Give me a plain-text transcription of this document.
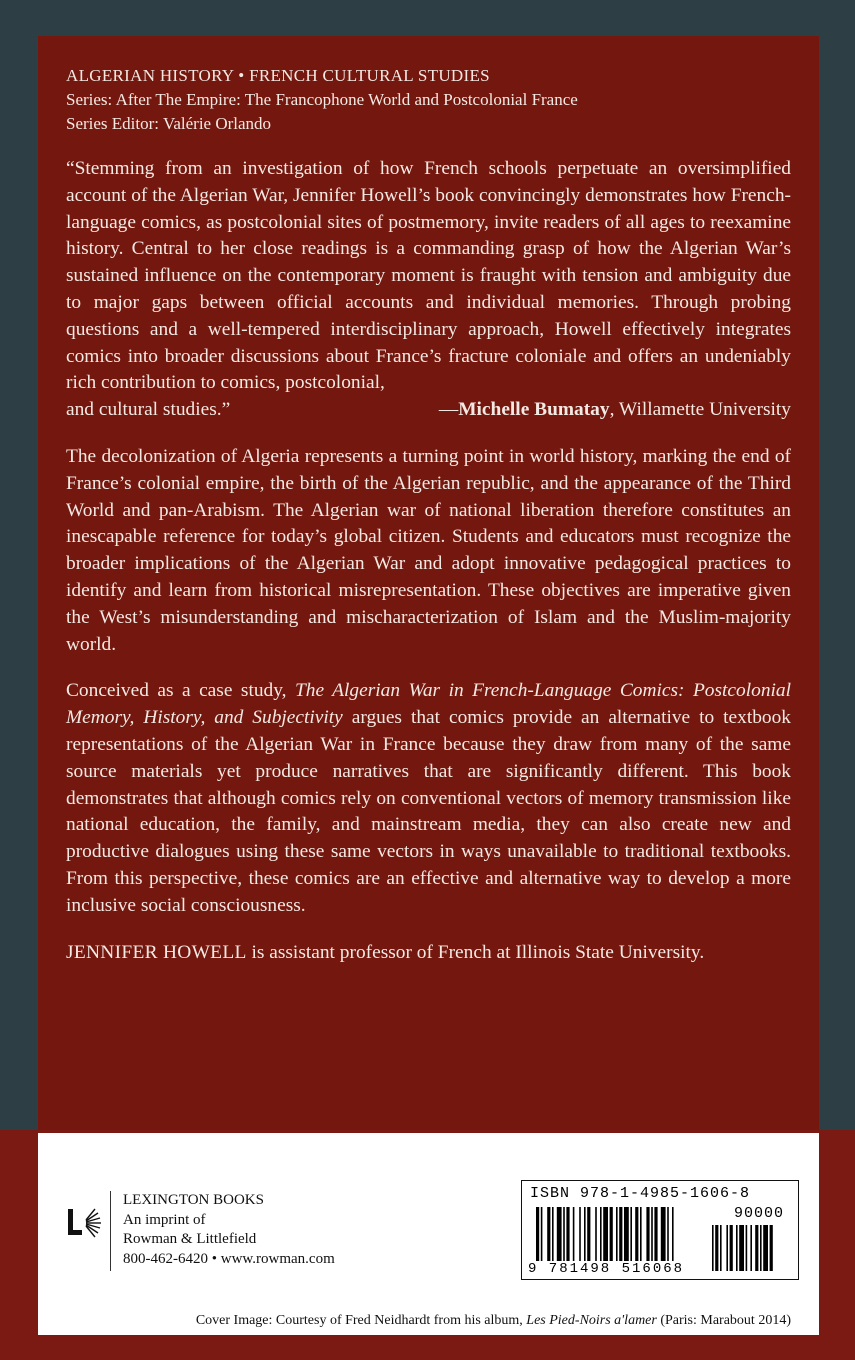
ALGERIAN HISTORY • FRENCH CULTURAL STUDIES

Series: After The Empire: The Francophone World and Postcolonial France

Series Editor: Valérie Orlando

“Stemming from an investigation of how French schools perpetuate an oversimplified account of the Algerian War, Jennifer Howell’s book convincingly demonstrates how French-language comics, as postcolonial sites of postmemory, invite readers of all ages to reexamine history. Central to her close readings is a commanding grasp of how the Algerian War’s sustained influence on the contemporary moment is fraught with tension and ambiguity due to major gaps between official accounts and individual memories. Through probing questions and a well-tempered interdisciplinary approach, Howell effectively integrates comics into broader discussions about France’s fracture coloniale and offers an undeniably rich contribution to comics, postcolonial,
and cultural studies.”	—Michelle Bumatay, Willamette University

The decolonization of Algeria represents a turning point in world history, marking the end of France’s colonial empire, the birth of the Algerian republic, and the appearance of the Third World and pan-Arabism. The Algerian war of national liberation therefore constitutes an inescapable reference for today’s global citizen. Students and educators must recognize the broader implications of the Algerian War and adopt innovative pedagogical practices to identify and learn from historical misrepresentation. These objectives are imperative given the West’s misunderstanding and mischaracterization of Islam and the Muslim-majority world.

Conceived as a case study, The Algerian War in French-Language Comics: Postcolonial Memory, History, and Subjectivity argues that comics provide an alternative to textbook representations of the Algerian War in France because they draw from many of the same source materials yet produce narratives that are significantly different. This book demonstrates that although comics rely on conventional vectors of memory transmission like national education, the family, and mainstream media, they can also create new and productive dialogues using these same vectors in ways unavailable to traditional textbooks. From this perspective, these comics are an effective and alternative way to develop a more inclusive social consciousness.

JENNIFER HOWELL is assistant professor of French at Illinois State University.

LEXINGTON BOOKS
An imprint of
Rowman & Littlefield
800-462-6420 • www.rowman.com
ISBN 978-1-4985-1606-8
90000
9 781498 516068
Cover Image: Courtesy of Fred Neidhardt from his album, Les Pied-Noirs a'lamer (Paris: Marabout 2014)
